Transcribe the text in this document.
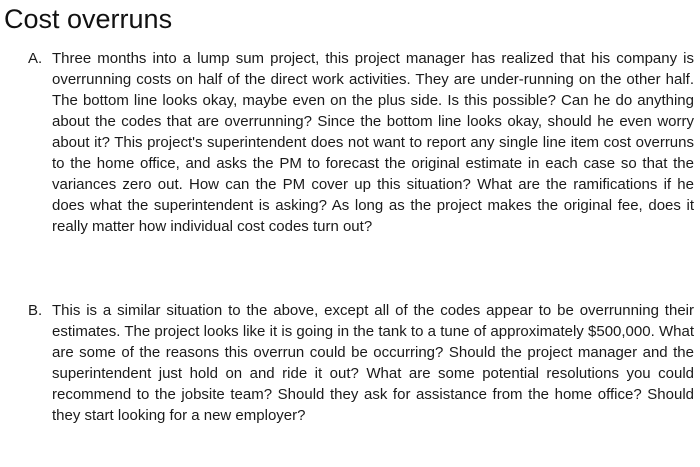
Cost overruns
A. Three months into a lump sum project, this project manager has realized that his company is overrunning costs on half of the direct work activities. They are under-running on the other half. The bottom line looks okay, maybe even on the plus side. Is this possible? Can he do anything about the codes that are overrunning? Since the bottom line looks okay, should he even worry about it? This project's superintendent does not want to report any single line item cost overruns to the home office, and asks the PM to forecast the original estimate in each case so that the variances zero out. How can the PM cover up this situation? What are the ramifications if he does what the superintendent is asking? As long as the project makes the original fee, does it really matter how individual cost codes turn out?

B. This is a similar situation to the above, except all of the codes appear to be overrunning their estimates. The project looks like it is going in the tank to a tune of approximately $500,000. What are some of the reasons this overrun could be occurring? Should the project manager and the superintendent just hold on and ride it out? What are some potential resolutions you could recommend to the jobsite team? Should they ask for assistance from the home office? Should they start looking for a new employer?
